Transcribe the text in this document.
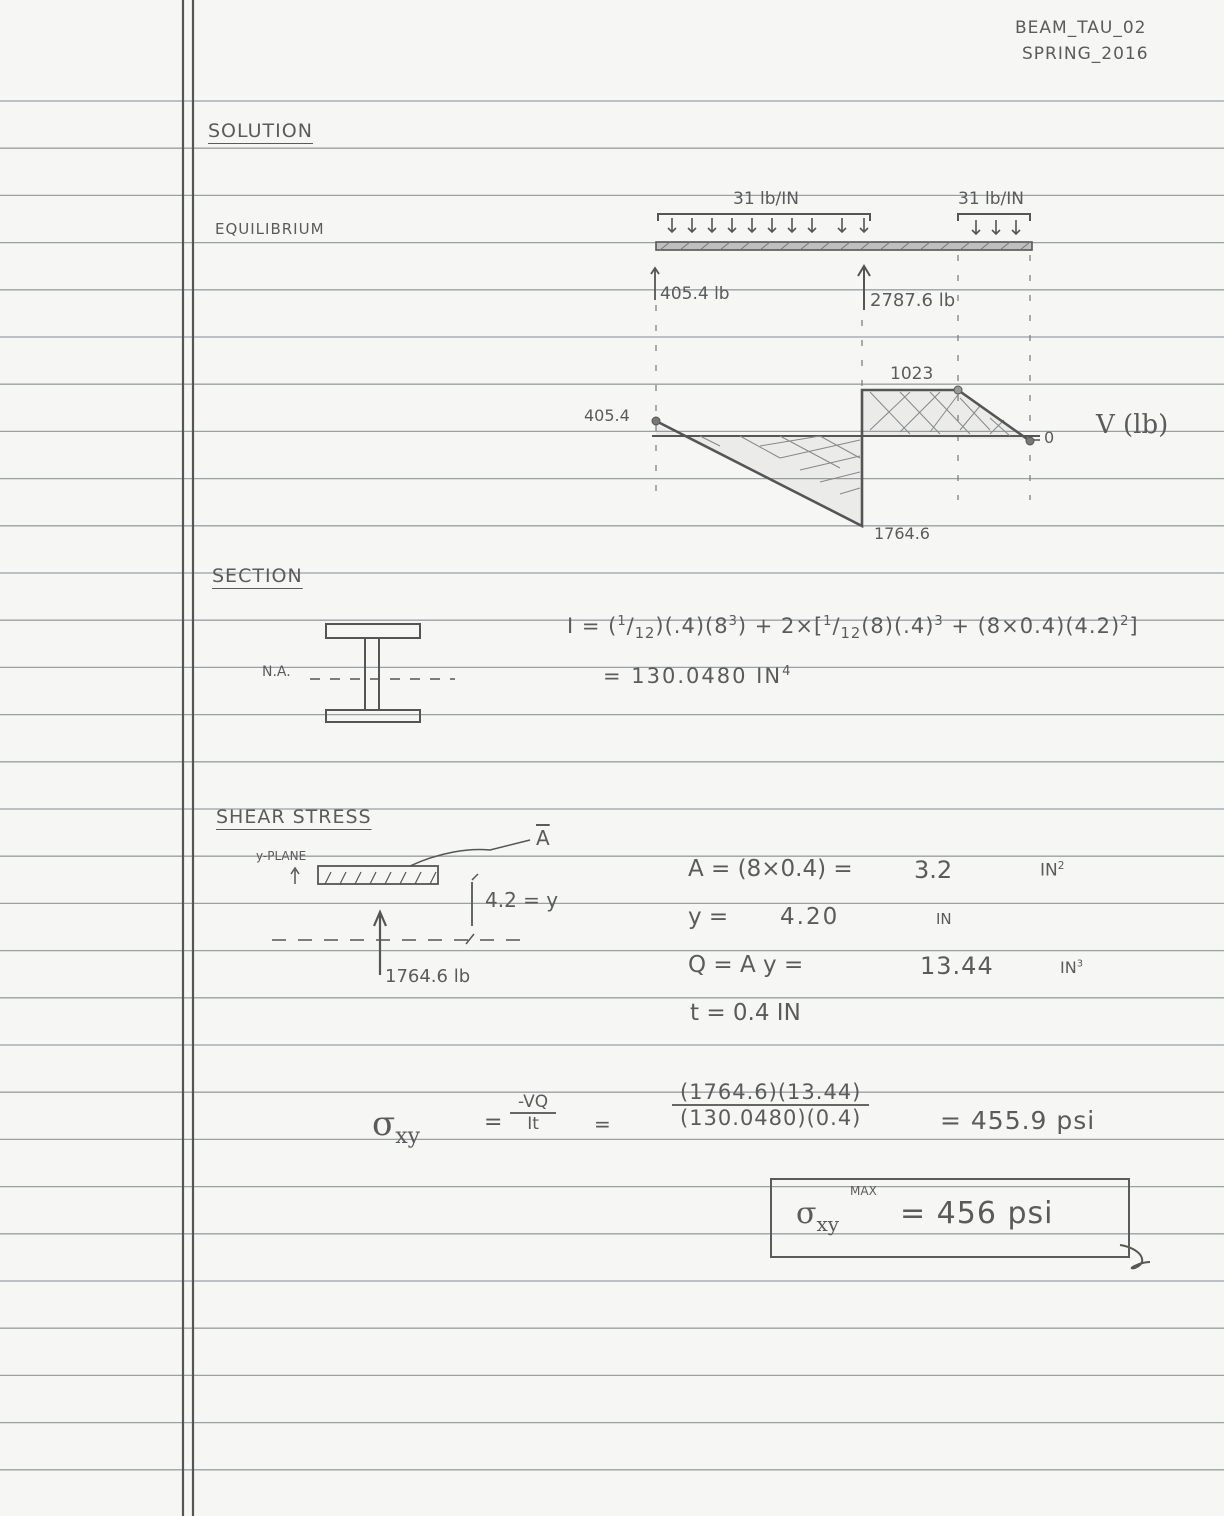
BEAM_TAU_02
SPRING_2016
SOLUTION
EQUILIBRIUM
31 lb/IN	31 lb/IN
405.4 lb	2787.6 lb
405.4
1023
1764.6
0 V (lb)
SECTION
N.A.
$I = (^1/_{12})(.4)(8^3) + 2\times[^1/_{12}(8)(.4)^3 + (8\times 0.4)(4.2)^2]$
= 130.0480 $IN^4$
SHEAR STRESS
y-PLANE
$\overline{A}$
4.2 = y
1764.6 lb
A = (8×0.4) =	3.2	$IN^2$
y = 4.20	IN
Q = A y =	13.44	$IN^3$
t = 0.4 IN
$\sigma_{xy}$
= $\frac{-VQ}{It}$ =	$\frac{(1764.6)(13.44)}{(130.0480)(0.4)}$	= 455.9 psi
$\sigma_{xy}$
MAX
= 456 psi
